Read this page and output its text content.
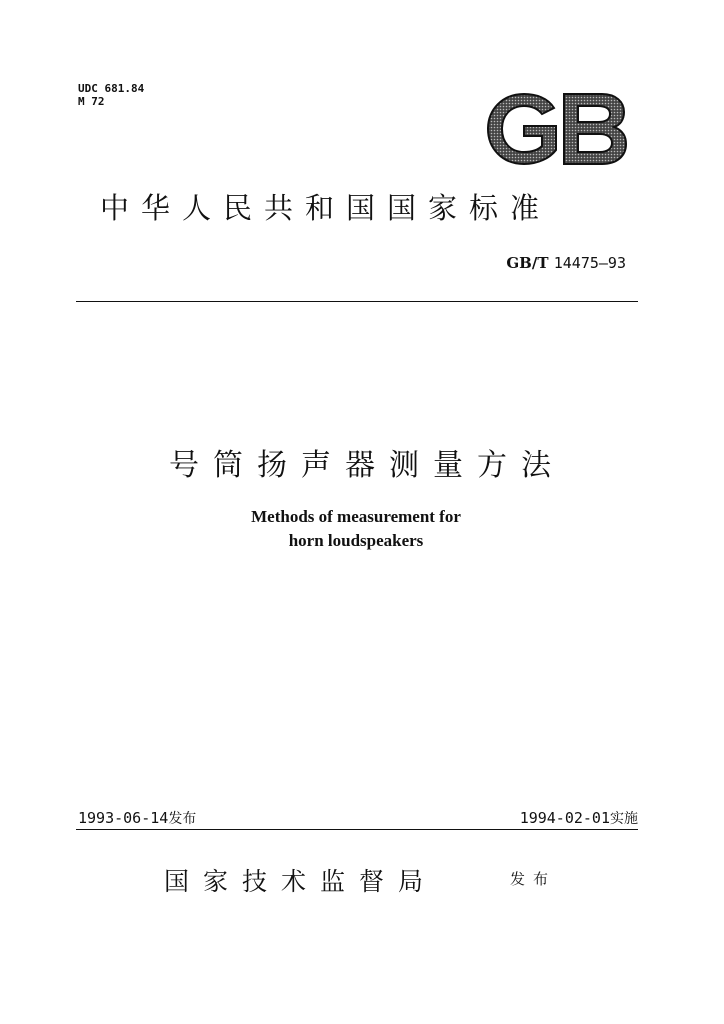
UDC 681.84
M 72
中华人民共和国国家标准
GB/T 14475—93
号筒扬声器测量方法
Methods of measurement for
horn loudspeakers
1993-06-14发布	1994-02-01实施
国家技术监督局	发布
